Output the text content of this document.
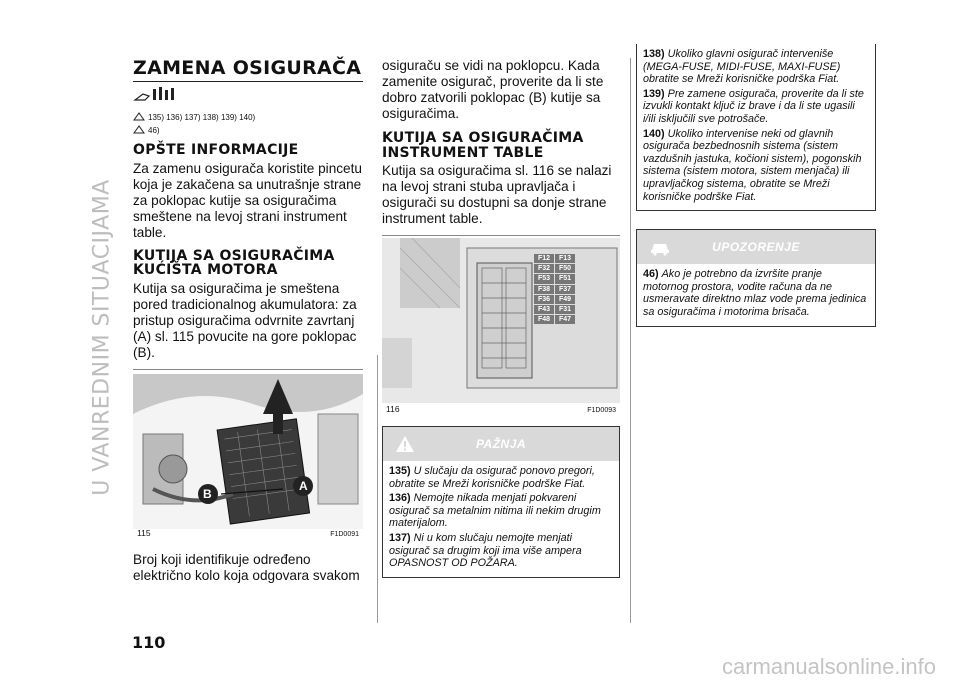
U VANREDNIM SITUACIJAMA
ZAMENA OSIGURAČA
135) 136) 137) 138) 139) 140)
46)
OPŠTE INFORMACIJE

Za zamenu osigurača koristite pincetu koja je zakačena sa unutrašnje strane za poklopac kutije sa osiguračima smeštene na levoj strani instrument table.

KUTIJA SA OSIGURAČIMA KUĆIŠTA MOTORA

Kutija sa osiguračima je smeštena pored tradicionalnog akumulatora: za pristup osiguračima odvrnite zavrtanj (A) sl. 115 povucite na gore poklopac (B).

B
A
115	F1D0091

Broj koji identifikuje određeno električno kolo koja odgovara svakom

osiguraču se vidi na poklopcu. Kada zamenite osigurač, proverite da li ste dobro zatvorili poklopac (B) kutije sa osiguračima.

KUTIJA SA OSIGURAČIMA INSTRUMENT TABLE

Kutija sa osiguračima sl. 116 se nalazi na levoj strani stuba upravljača i osigurači su dostupni sa donje strane instrument table.

F12	F13
F32	F50
F53	F51
F38	F37
F36	F49
F43	F31
F48	F47
116	F1D0093
PAŽNJA

135) U slučaju da osigurač ponovo pregori, obratite se Mreži korisničke podrške Fiat.

136) Nemojte nikada menjati pokvareni osigurač sa metalnim nitima ili nekim drugim materijalom.

137) Ni u kom slučaju nemojte menjati osigurač sa drugim koji ima više ampera OPASNOST OD POŽARA.

138) Ukoliko glavni osigurač interveniše (MEGA-FUSE, MIDI-FUSE, MAXI-FUSE) obratite se Mreži korisničke podrška Fiat.

139) Pre zamene osigurača, proverite da li ste izvukli kontakt ključ iz brave i da li ste ugasili i/ili isključili sve potrošače.

140) Ukoliko intervenise neki od glavnih osigurača bezbednosnih sistema (sistem vazdušnih jastuka, kočioni sistem), pogonskih sistema (sistem motora, sistem menjača) ili upravljačkog sistema, obratite se Mreži korisničke podrške Fiat.

UPOZORENJE

46) Ako je potrebno da izvršite pranje motornog prostora, vodite računa da ne usmeravate direktno mlaz vode prema jedinica sa osiguračima i motorima brisača.

110
carmanualsonline.info
